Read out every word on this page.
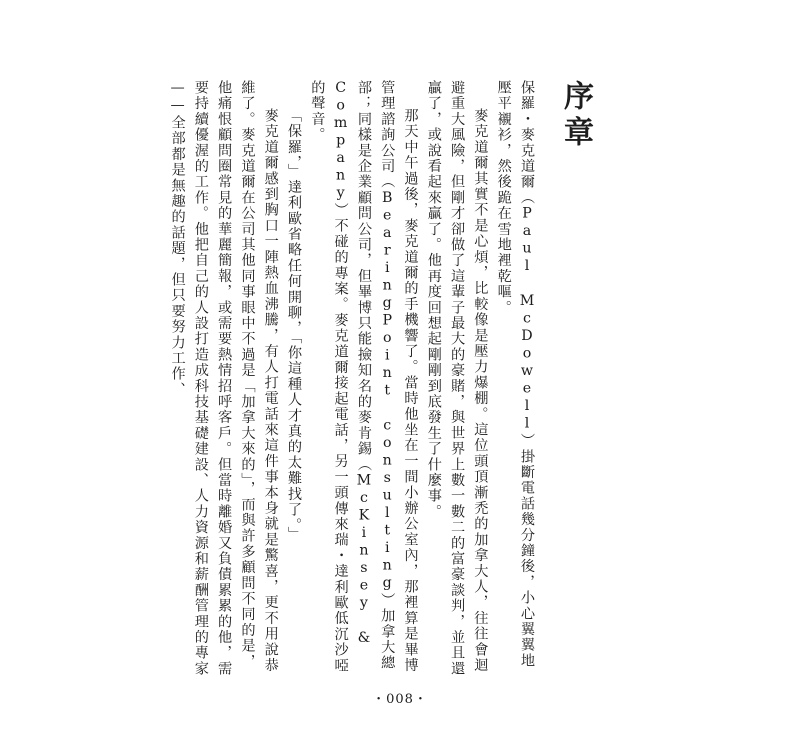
序章

保羅・麥克道爾（Paul McDowell）掛斷電話幾分鐘後，小心翼翼地壓平襯衫，然後跪在雪地裡乾嘔。

麥克道爾其實不是心煩，比較像是壓力爆棚。這位頭頂漸禿的加拿大人，往往會迴避重大風險，但剛才卻做了這輩子最大的豪賭，與世界上數一數二的富豪談判，並且還贏了，或說看起來贏了。他再度回想起剛剛到底發生了什麼事。

那天中午過後，麥克道爾的手機響了。當時他坐在一間小辦公室內，那裡算是畢博管理諮詢公司（BearingPoint consulting）加拿大總部；同樣是企業顧問公司，但畢博只能撿知名的麥肯錫（McKinsey & Company）不碰的專案。麥克道爾接起電話，另一頭傳來瑞・達利歐低沉沙啞的聲音。

「保羅，」達利歐省略任何開聊，「你這種人才真的太難找了。」

麥克道爾感到胸口一陣熱血沸騰，有人打電話來這件事本身就是驚喜，更不用說恭維了。麥克道爾在公司其他同事眼中不過是「加拿大來的」，而與許多顧問不同的是，他痛恨顧問圈常見的華麗簡報，或需要熱情招呼客戶。但當時離婚又負債累累的他，需要持續優渥的工作。他把自己的人設打造成科技基礎建設、人力資源和薪酬管理的專家——全部都是無趣的話題，但只要努力工作、

・008・
